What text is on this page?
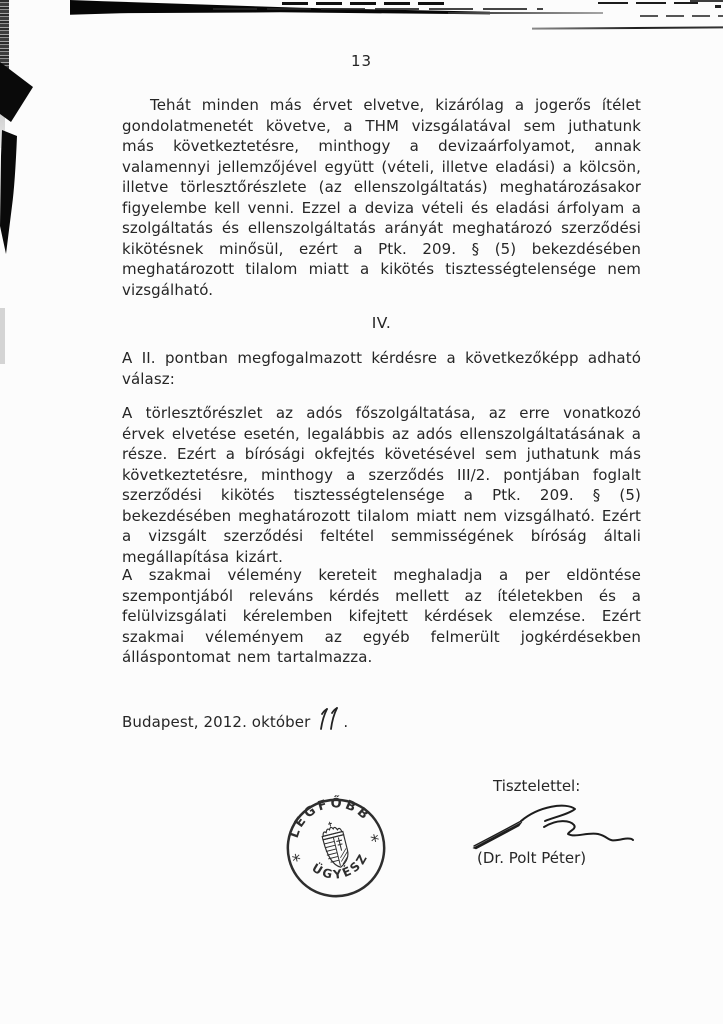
13

Tehát minden más érvet elvetve, kizárólag a jogerős ítélet gondolatmenetét követve, a THM vizsgálatával sem juthatunk más következtetésre, minthogy a devizaárfolyamot, annak valamennyi jellemzőjével együtt (vételi, illetve eladási) a kölcsön, illetve törlesztőrészlete (az ellenszolgáltatás) meghatározásakor figyelembe kell venni. Ezzel a deviza vételi és eladási árfolyam a szolgáltatás és ellenszolgáltatás arányát meghatározó szerződési kikötésnek minősül, ezért a Ptk. 209. § (5) bekezdésében meghatározott tilalom miatt a kikötés tisztességtelensége nem vizsgálható.

IV.

A II. pontban megfogalmazott kérdésre a következőképp adható válasz:

A törlesztőrészlet az adós főszolgáltatása, az erre vonatkozó érvek elvetése esetén, legalábbis az adós ellenszolgáltatásának a része. Ezért a bírósági okfejtés követésével sem juthatunk más következtetésre, minthogy a szerződés III/2. pontjában foglalt szerződési kikötés tisztességtelensége a Ptk. 209. § (5) bekezdésében meghatározott tilalom miatt nem vizsgálható. Ezért a vizsgált szerződési feltétel semmisségének bíróság általi megállapítása kizárt.

A szakmai vélemény kereteit meghaladja a per eldöntése szempontjából releváns kérdés mellett az ítéletekben és a felülvizsgálati kérelemben kifejtett kérdések elemzése. Ezért szakmai véleményem az egyéb felmerült jogkérdésekben álláspontomat nem tartalmazza.

Budapest, 2012. október .
Tisztelettel:
(Dr. Polt Péter)
LEGFŐBB
ÜGYÉSZ
*
*
